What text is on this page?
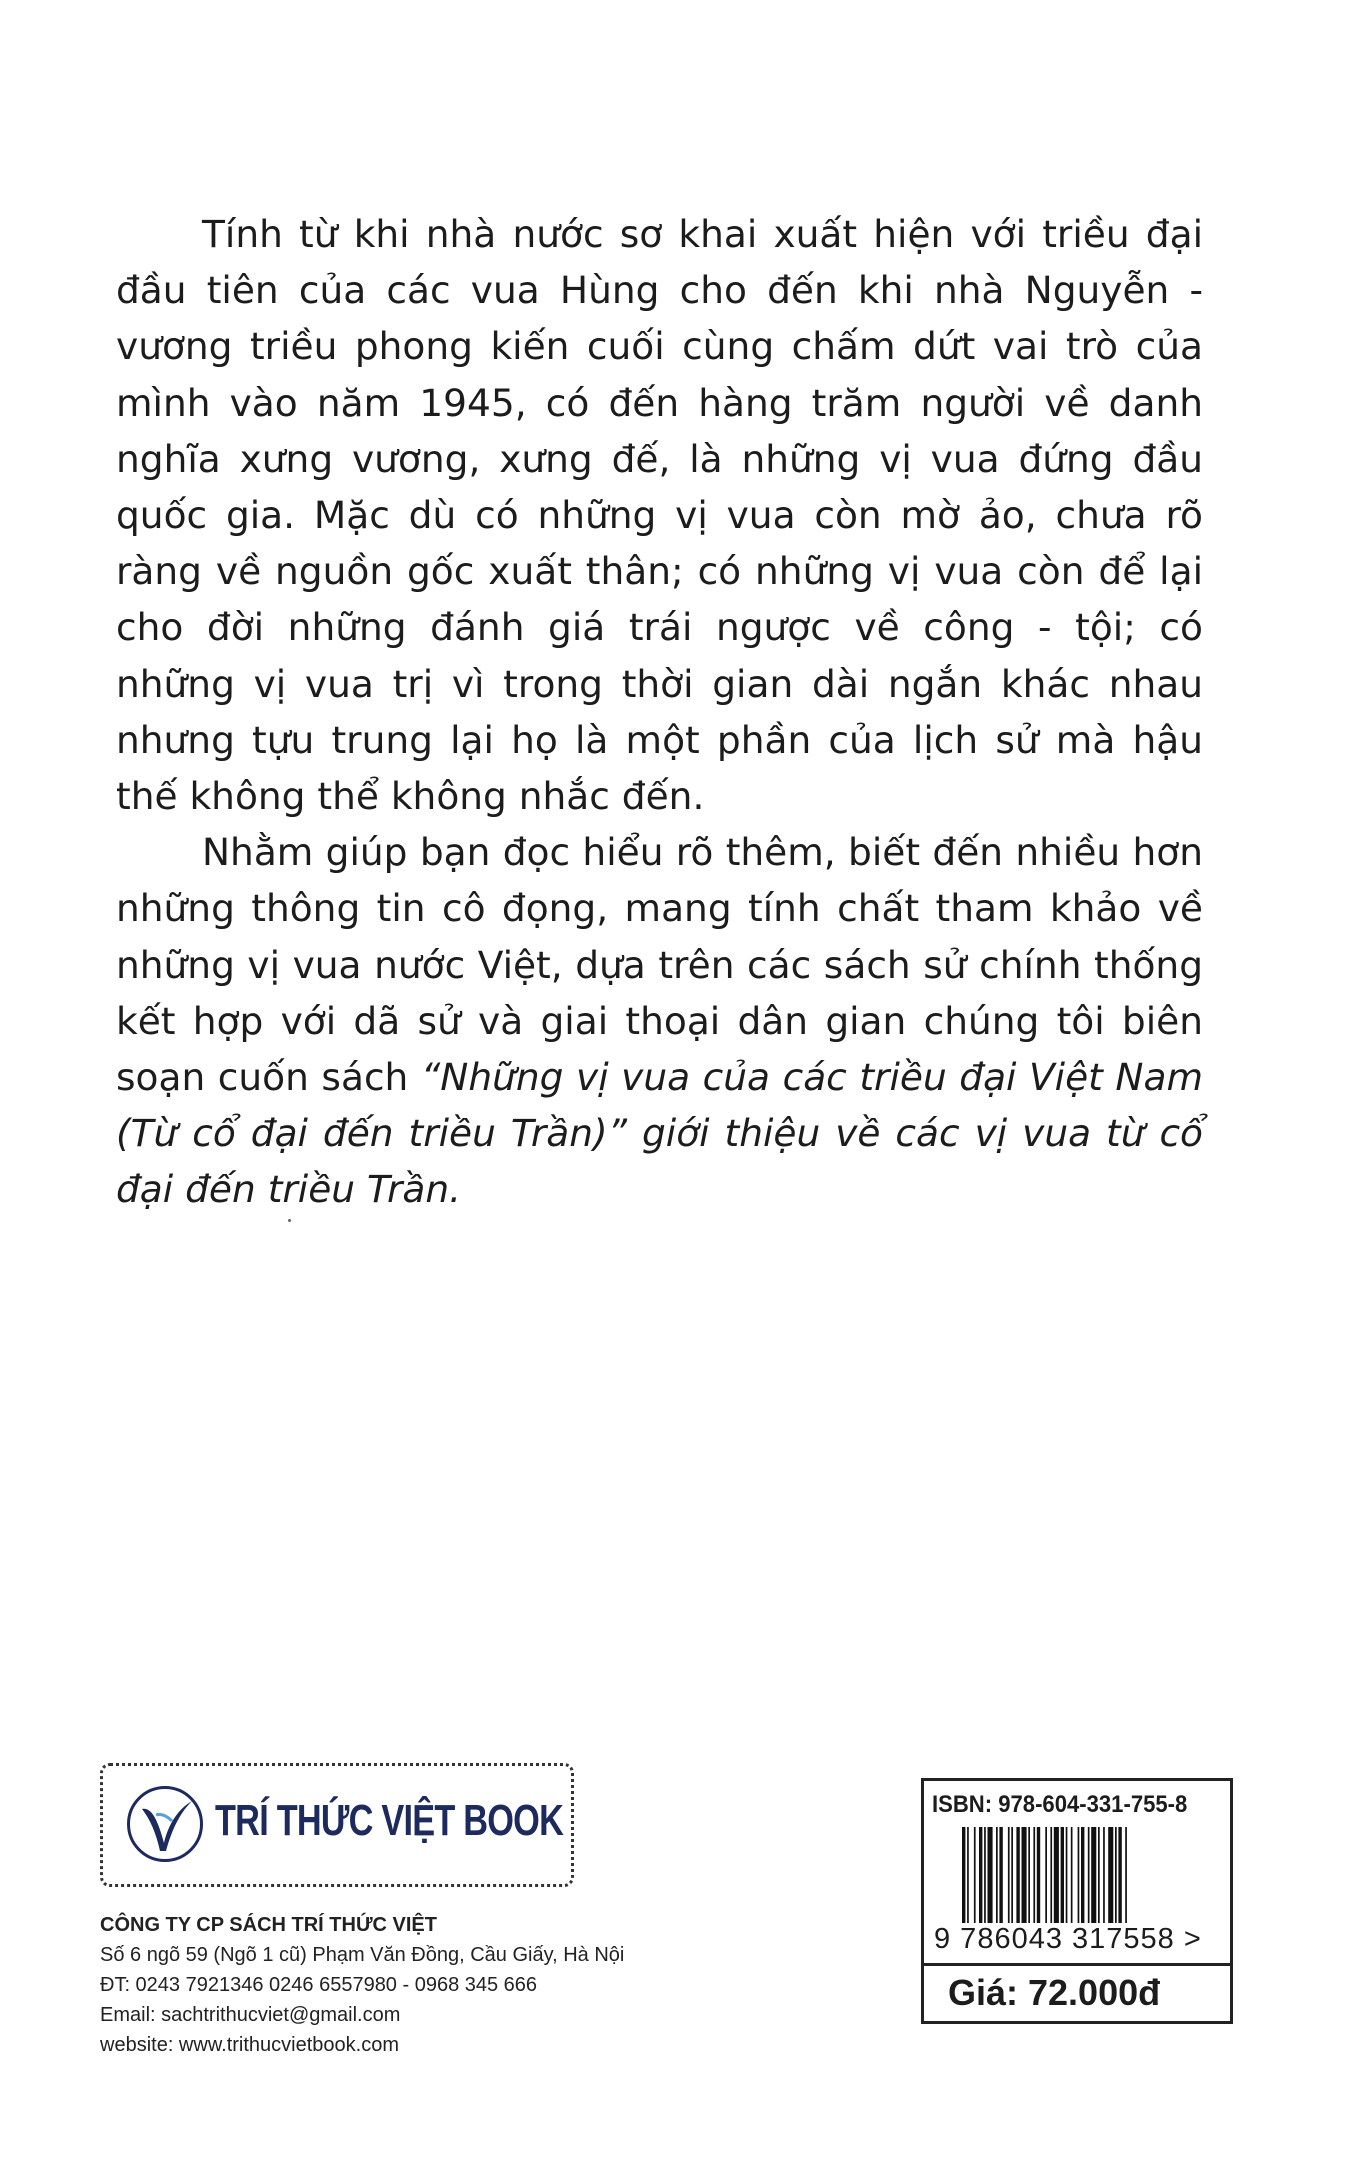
Tính từ khi nhà nước sơ khai xuất hiện với triều đại đầu tiên của các vua Hùng cho đến khi nhà Nguyễn - vương triều phong kiến cuối cùng chấm dứt vai trò của mình vào năm 1945, có đến hàng trăm người về danh nghĩa xưng vương, xưng đế, là những vị vua đứng đầu quốc gia. Mặc dù có những vị vua còn mờ ảo, chưa rõ ràng về nguồn gốc xuất thân; có những vị vua còn để lại cho đời những đánh giá trái ngược về công - tội; có những vị vua trị vì trong thời gian dài ngắn khác nhau nhưng tựu trung lại họ là một phần của lịch sử mà hậu thế không thể không nhắc đến.

Nhằm giúp bạn đọc hiểu rõ thêm, biết đến nhiều hơn những thông tin cô đọng, mang tính chất tham khảo về những vị vua nước Việt, dựa trên các sách sử chính thống kết hợp với dã sử và giai thoại dân gian chúng tôi biên soạn cuốn sách “Những vị vua của các triều đại Việt Nam (Từ cổ đại đến triều Trần)” giới thiệu về các vị vua từ cổ đại đến triều Trần.

TRÍ THỨC VIỆT BOOK
CÔNG TY CP SÁCH TRÍ THỨC VIỆT
Số 6 ngõ 59 (Ngõ 1 cũ) Phạm Văn Đồng, Cầu Giấy, Hà Nội
ĐT: 0243 7921346 0246 6557980 - 0968 345 666
Email: sachtrithucviet@gmail.com
website: www.trithucvietbook.com
ISBN: 978-604-331-755-8
9 786043 317558 >
Giá: 72.000đ
